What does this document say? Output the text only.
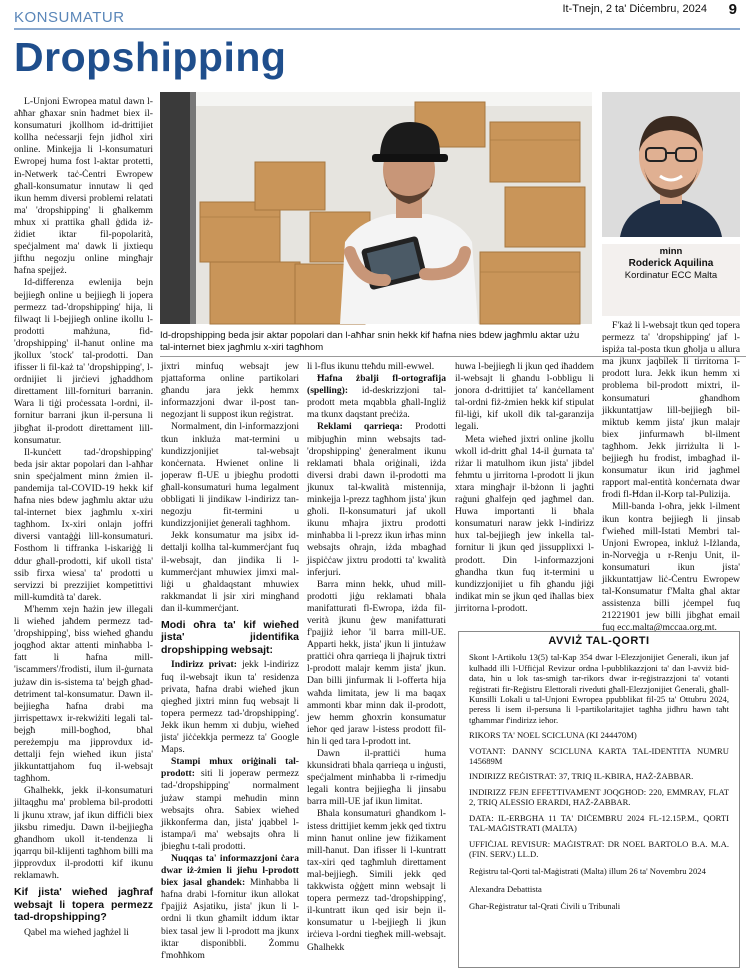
KONSUMATUR	It-Tnejn, 2 ta' Diċembru, 2024 9
Dropshipping
Id-dropshipping beda jsir aktar popolari dan l-aħħar snin hekk kif ħafna nies bdew jagħmlu aktar użu tal-internet biex jagħmlu x-xiri tagħhom
minn
Roderick Aquilina
Kordinatur ECC Malta

L-Unjoni Ewropea matul dawn l-aħħar għaxar snin ħadmet biex il-konsumaturi jkollhom id-drittijiet kollha neċessarji fejn jidħol xiri online. Minkejja li l-konsumaturi Ewropej huma fost l-aktar protetti, in-Netwerk taċ-Ċentri Ewropew għall-konsumatur innutaw li qed ikun hemm diversi problemi relatati ma' 'dropshipping' li għalkemm mhux xi prattika għall ġdida iż-żidiet iktar fil-popolarità, speċjalment ma' dawk li jixtiequ jifthu negozju online mingħajr ħafna spejjeż.

Id-differenza ewlenija bejn bejjiegħ online u bejjiegħ li jopera permezz tad-'dropshipping' hija, li filwaqt li l-bejjiegħ online ikollu l-prodotti maħżuna, fid-'dropshipping' il-ħanut online ma jkollux 'stock' tal-prodotti. Dan ifisser li fil-każ ta' 'dropshipping', l-ordnijiet li jirċievi jgħaddhom direttament lill-fornituri barranin. Wara li tiġi proċessata l-ordni, il-fornitur barrani jkun il-persuna li jibgħat il-prodott direttament lill-konsumatur.

Il-kunċett tad-'dropshipping' beda jsir aktar popolari dan l-aħħar snin speċjalment minn żmien il-pandemija tal-COVID-19 hekk kif ħafna nies bdew jagħmlu aktar użu tal-internet biex jagħmlu x-xiri tagħhom. Ix-xiri onlajn joffri diversi vantaġġi lill-konsumaturi. Fosthom li tiffranka l-iskariġġ li ddur għall-prodotti, kif ukoll tista' ssib firxa wiesa' ta' prodotti u servizzi bi prezzijiet kompetittivi mill-kumdità ta' darek.

M'hemm xejn ħażin jew illegali li wieħed jaħdem permezz tad-'dropshipping', biss wieħed għandu joqgħod aktar attenti minħabba l-fatt li ħafna mill-'iscammers'/frodisti, ilum il-ġurnata jużaw din is-sistema ta' bejgħ għad-detriment tal-konsumatur. Dawn il-bejjiegħa ħafna drabi ma jirrispettawx ir-rekwiżiti legali tal-bejgħ mill-bogħod, bħal pereżempju ma jipprovdux id-dettalji fejn wieħed ikun jista' jikkuntattjahom fuq il-websajt tagħhom.

Għalhekk, jekk il-konsumaturi jiltaqgħu ma' problema bil-prodotti li jkunu xtraw, jaf ikun diffiċli biex jiksbu rimedju. Dawn il-bejjiegħa għandhom ukoll it-tendenza li jqarrqu bil-klijenti tagħhom billi ma jipprovdux il-prodotti kif ikunu reklamawh.

Kif jista' wieħed jagħraf websajt li topera permezz tad-dropshipping?

Qabel ma wieħed jagħżel li

jixtri minfuq websajt jew pjattaforma online partikolari għandu jara jekk hemmx informazzjoni dwar il-post tan-negozjant li suppost ikun reġistrat.

Normalment, din l-informazzjoni tkun inkluża mat-termini u kundizzjonijiet tal-websajt konċernata. Hwienet online li joperaw fl-UE u jbiegħu prodotti għall-konsumaturi huma legalment obbligati li jindikaw l-indirizz tan-negozju fit-termini u kundizzjonijiet ġenerali tagħhom.

Jekk konsumatur ma jsibx id-dettalji kollha tal-kummerċjant fuq il-websajt, dan jindika li l-kummerċjant mhuwiex jimxi mal-liġi u għaldaqstant mhuwiex rakkmandat li jsir xiri mingħand dan il-kummerċjant.

Modi oħra ta' kif wieħed jista' jidentifika dropshipping websajt:

Indirizz privat: jekk l-indirizz fuq il-websajt ikun ta' residenza privata, ħafna drabi wieħed jkun qiegħed jixtri minn fuq websajt li topera permezz tad-'dropshipping'. Jekk ikun hemm xi dubju, wieħed jista' jiċċekkja permezz ta' Google Maps.

Stampi mhux oriġinali tal-prodott: siti li joperaw permezz tad-'dropshipping' normalment jużaw stampi meħudin minn websajts oħra. Sabiex wieħed jikkonferma dan, jista' jqabbel l-istampa/i ma' websajts oħra li jbiegħu t-tali prodotti.

Nuqqas ta' informazzjoni ċara dwar iż-żmien li jieħu l-prodott biex jasal għandek: Minħabba li ħafna drabi l-fornitur ikun allokat f'pajjiż Asjatiku, jista' jkun li l-ordni li tkun għamilt iddum iktar biex tasal jew li l-prodott ma jkunx iktar disponibbli. Żommu f'moħħkom

li l-flus ikunu tteħdu mill-ewwel.

Ħafna żbalji fl-ortografija (spelling): id-deskrizzjoni tal-prodott meta mqabbla għall-Ingliż ma tkunx daqstant preċiża.

Reklami qarrieqa: Prodotti mibjugħin minn websajts tad-'dropshipping' ġeneralment ikunu reklamati bħala oriġinali, iżda diversi drabi dawn il-prodotti ma jkunux tal-kwalità mistennija, minkejja l-prezz tagħhom jista' jkun għoli. Il-konsumaturi jaf ukoll ikunu mħajra jixtru prodotti minħabba li l-prezz ikun irħas minn websajts oħrajn, iżda mbagħad jispiċċaw jixtru prodotti ta' kwalità inferjuri.

Barra minn hekk, uħud mill-prodotti jiġu reklamati bħala manifatturati fl-Ewropa, iżda fil-verità jkunu ġew manifatturati f'pajjiż ieħor 'il barra mill-UE. Apparti hekk, jista' jkun li jintużaw prattiċi oħra qarrieqa li jħajruk tixtri l-prodott malajr kemm jista' jkun. Dan billi jinfurmak li l-offerta hija waħda limitata, jew li ma baqax ammonti kbar minn dak il-prodott, jew hemm għoxrin konsumatur ieħor qed jaraw l-istess prodott fil-ħin li qed tara l-prodott int.

Dawn il-prattiċi huma kkunsidrati bħala qarrieqa u inġusti, speċjalment minħabba li r-rimedju legali kontra bejjiegħa li jinsabu barra mill-UE jaf ikun limitat.

Bħala konsumaturi għandkom l-istess drittijiet kemm jekk qed tixtru minn ħanut online jew fiżikament mill-ħanut. Dan ifisser li l-kuntratt tax-xiri qed tagħmluh direttament mal-bejjiegħ. Simili jekk qed takkwista oġġett minn websajt li topera permezz tad-'dropshipping', il-kuntratt ikun qed isir bejn il-konsumatur u l-bejjiegħ li jkun irċieva l-ordni tiegħek mill-websajt. Għalhekk

huwa l-bejjiegħ li jkun qed iħaddem il-websajt li għandu l-obbligu li jonora d-drittijiet ta' kanċellament tal-ordni fiż-żmien hekk kif stipulat fil-liġi, kif ukoll dik tal-garanzija legali.

Meta wieħed jixtri online jkollu wkoll id-dritt għal 14-il ġurnata ta' riżar li matulhom ikun jista' jibdel fehmtu u jirritorna l-prodott li jkun xtara mingħajr il-bżonn li jagħti raġuni għalfejn qed jagħmel dan. Huwa importanti li bħala konsumaturi naraw jekk l-indirizz hux tal-bejjiegħ jew inkella tal-fornitur li jkun qed jissupplixxi l-prodott. Din l-informazzjoni għandha tkun fuq it-termini u kundizzjonijiet u fih għandu jiġi indikat min se jkun qed iħallas biex jirritorna l-prodott.

F'każ li l-websajt tkun qed topera permezz ta' 'dropshipping' jaf l-ispiża tal-posta tkun għolja u allura ma jkunx jaqbilek li tirritorna l-prodott lura. Jekk ikun hemm xi problema bil-prodott mixtri, il-konsumaturi għandhom jikkuntattjaw lill-bejjiegħ bil-miktub kemm jista' jkun malajr biex jinfurmawh bl-ilment tagħhom. Jekk jirriżulta li l-bejjiegħ hu frodist, imbagħad il-konsumatur ikun irid jagħmel rapport mal-entità konċernata dwar frodi fl-Ħdan il-Korp tal-Pulizija.

Mill-banda l-oħra, jekk l-ilment ikun kontra bejjiegħ li jinsab f'wieħed mill-Istati Membri tal-Unjoni Ewropea, inkluż l-Iżlanda, in-Norveġja u r-Renju Unit, il-konsumaturi ikun jista' jikkuntattjaw liċ-Ċentru Ewropew tal-Konsumatur f'Malta għal aktar assistenza billi jċempel fuq 21221901 jew billi jibgħat email fuq ecc.malta@mccaa.org.mt.

AVVIŻ TAL-QORTI
Skont l-Artikolu 13(5) tal-Kap 354 dwar l-Elezzjonijiet Ġenerali, ikun jaf kulħadd illi l-Uffiċjal Revizur ordna l-pubblikazzjoni ta' dan l-avviż bid-data, ħin u lok tas-smigħ tar-rikors dwar ir-reġistrazzjoni ta' votanti reġistrati fir-Reġistru Elettorali riveduti għall-Elezzjonijiet Ġenerali, għall-Kunsilli Lokali u tal-Unjoni Ewropea ppubblikat fil-25 ta' Ottubru 2024, peress li isem il-persuna li l-partikolaritajiet tagħha jidhru hawn taħt tgħammar f'indirizz ieħor.
RIKORS TA' NOEL SCICLUNA (KI 244470M)
VOTANT: DANNY SCICLUNA KARTA TAL-IDENTITA NUMRU 145689M
INDIRIZZ REĠISTRAT: 37, TRIQ IL-KBIRA, ĦAŻ-ŻABBAR.
INDIRIZZ FEJN EFFETTIVAMENT JOQGĦOD: 220, EMMRAY, FLAT 2, TRIQ ALESSIO ERARDI, ĦAŻ-ŻABBAR.
DATA: IL-ERBGĦA 11 TA' DIĊEMBRU 2024 FL-12.15P.M., QORTI TAL-MAĠISTRATI (MALTA)
UFFIĊJAL REVISUR: MAĠISTRAT: DR NOEL BARTOLO B.A. M.A. (FIN. SERV.) LL.D.
Reġistru tal-Qorti tal-Maġistrati (Malta) illum 26 ta' Novembru 2024
Alexandra Debattista
Għar-Reġistratur tal-Qrati Ċivili u Tribunali
